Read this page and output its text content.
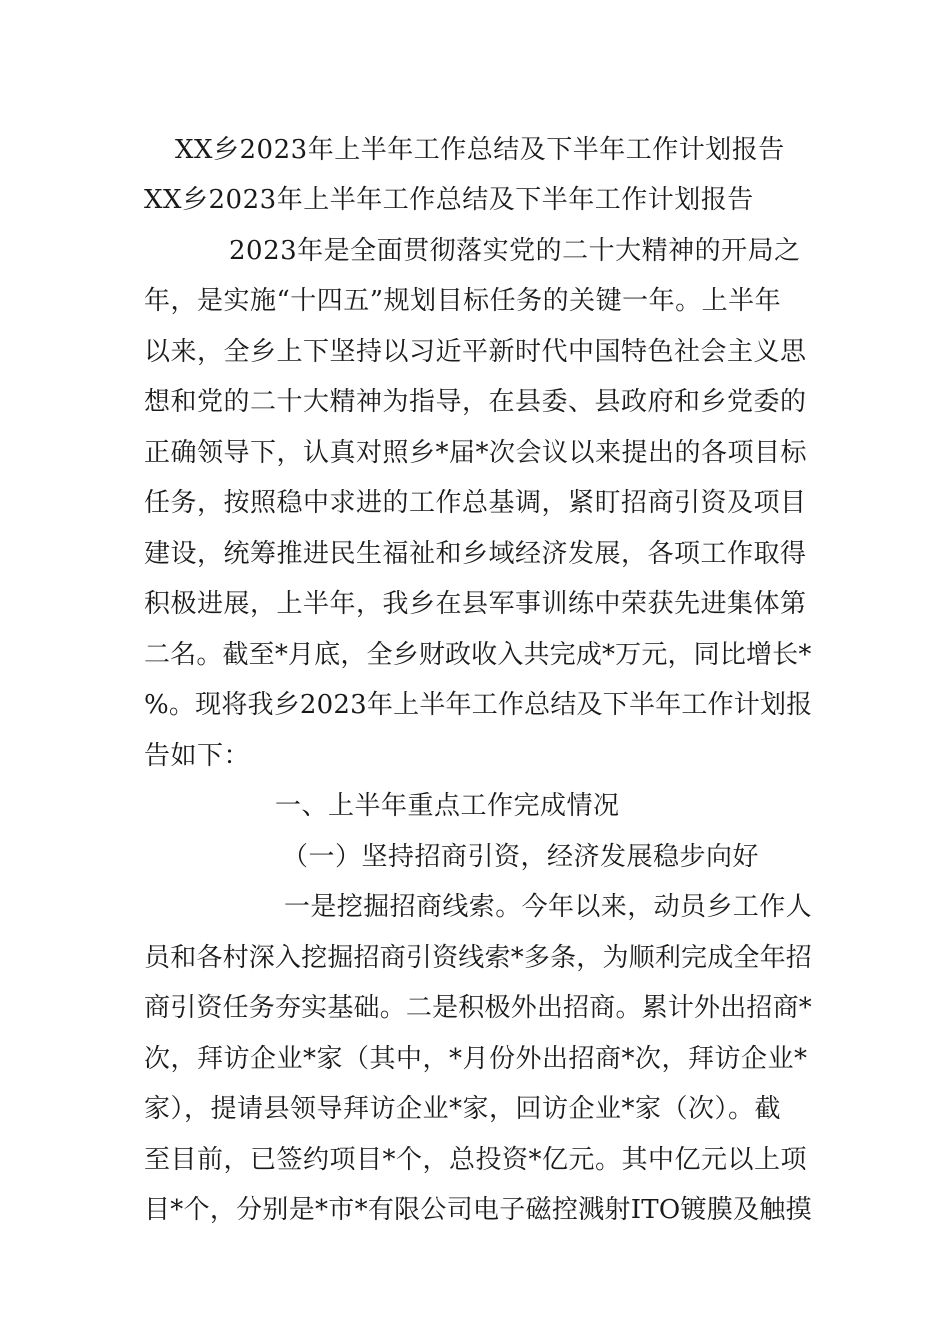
XX乡2023年上半年工作总结及下半年工作计划报告
XX乡2023年上半年工作总结及下半年工作计划报告
2023年是全面贯彻落实党的二十大精神的开局之
年，是实施“十四五”规划目标任务的关键一年。上半年
以来，全乡上下坚持以习近平新时代中国特色社会主义思
想和党的二十大精神为指导，在县委、县政府和乡党委的
正确领导下，认真对照乡*届*次会议以来提出的各项目标
任务，按照稳中求进的工作总基调，紧盯招商引资及项目
建设，统筹推进民生福祉和乡域经济发展，各项工作取得
积极进展，上半年，我乡在县军事训练中荣获先进集体第
二名。截至*月底，全乡财政收入共完成*万元，同比增长*
%。现将我乡2023年上半年工作总结及下半年工作计划报
告如下：
一、上半年重点工作完成情况
（一）坚持招商引资，经济发展稳步向好
一是挖掘招商线索。今年以来，动员乡工作人
员和各村深入挖掘招商引资线索*多条，为顺利完成全年招
商引资任务夯实基础。二是积极外出招商。累计外出招商*
次，拜访企业*家（其中，*月份外出招商*次，拜访企业*
家），提请县领导拜访企业*家，回访企业*家（次）。截
至目前，已签约项目*个，总投资*亿元。其中亿元以上项
目*个，分别是*市*有限公司电子磁控溅射ITO镀膜及触摸
